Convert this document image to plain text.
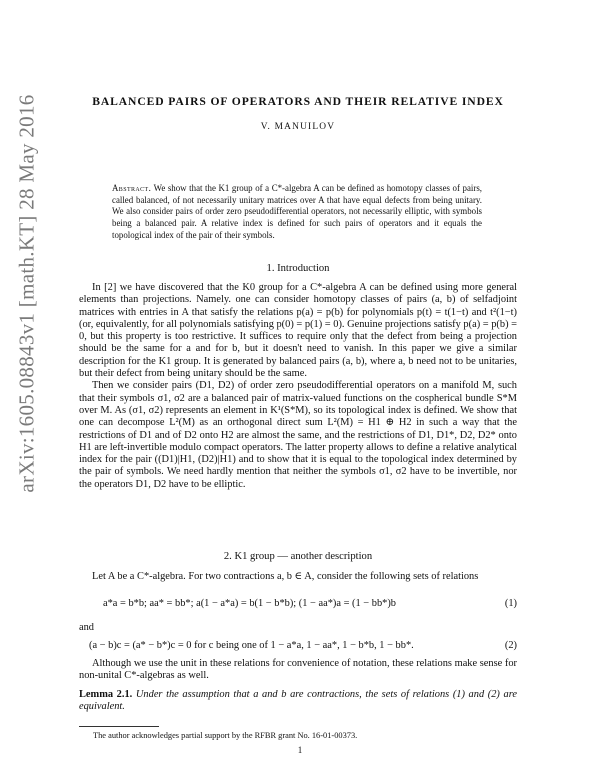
arXiv:1605.08843v1 [math.KT] 28 May 2016	BALANCED PAIRS OF OPERATORS AND THEIR RELATIVE INDEX
V. MANUILOV
Abstract. We show that the K1 group of a C*-algebra A can be defined as homotopy classes of pairs, called balanced, of not necessarily unitary matrices over A that have equal defects from being unitary. We also consider pairs of order zero pseudodifferential operators, not necessarily elliptic, with symbols being a balanced pair. A relative index is defined for such pairs of operators and it equals the topological index of the pair of their symbols.
1. Introduction

In [2] we have discovered that the K0 group for a C*-algebra A can be defined using more general elements than projections. Namely. one can consider homotopy classes of pairs (a, b) of selfadjoint matrices with entries in A that satisfy the relations p(a) = p(b) for polynomials p(t) = t(1−t) and t²(1−t) (or, equivalently, for all polynomials satisfying p(0) = p(1) = 0). Genuine projections satisfy p(a) = p(b) = 0, but this property is too restrictive. It suffices to require only that the defect from being a projection should be the same for a and for b, but it doesn't need to vanish. In this paper we give a similar description for the K1 group. It is generated by balanced pairs (a, b), where a, b need not to be unitaries, but their defect from being unitary should be the same.

Then we consider pairs (D1, D2) of order zero pseudodifferential operators on a manifold M, such that their symbols σ1, σ2 are a balanced pair of matrix-valued functions on the cospherical bundle S*M over M. As (σ1, σ2) represents an element in K¹(S*M), so its topological index is defined. We show that one can decompose L²(M) as an orthogonal direct sum L²(M) = H1 ⊕ H2 in such a way that the restrictions of D1 and of D2 onto H2 are almost the same, and the restrictions of D1, D1*, D2, D2* onto H1 are left-invertible modulo compact operators. The latter property allows to define a relative analytical index for the pair ((D1)|H1, (D2)|H1) and to show that it is equal to the topological index determined by the pair of symbols. We need hardly mention that neither the symbols σ1, σ2 have to be invertible, nor the operators D1, D2 have to be elliptic.

2. K1 group — another description

Let A be a C*-algebra. For two contractions a, b ∈ A, consider the following sets of relations

a*a = b*b; aa* = bb*; a(1 − a*a) = b(1 − b*b); (1 − aa*)a = (1 − bb*)b	(1)
and
(a − b)c = (a* − b*)c = 0 for c being one of 1 − a*a, 1 − aa*, 1 − b*b, 1 − bb*.	(2)

Although we use the unit in these relations for convenience of notation, these relations make sense for non-unital C*-algebras as well.

Lemma 2.1. Under the assumption that a and b are contractions, the sets of relations (1) and (2) are equivalent.
The author acknowledges partial support by the RFBR grant No. 16-01-00373.
1
